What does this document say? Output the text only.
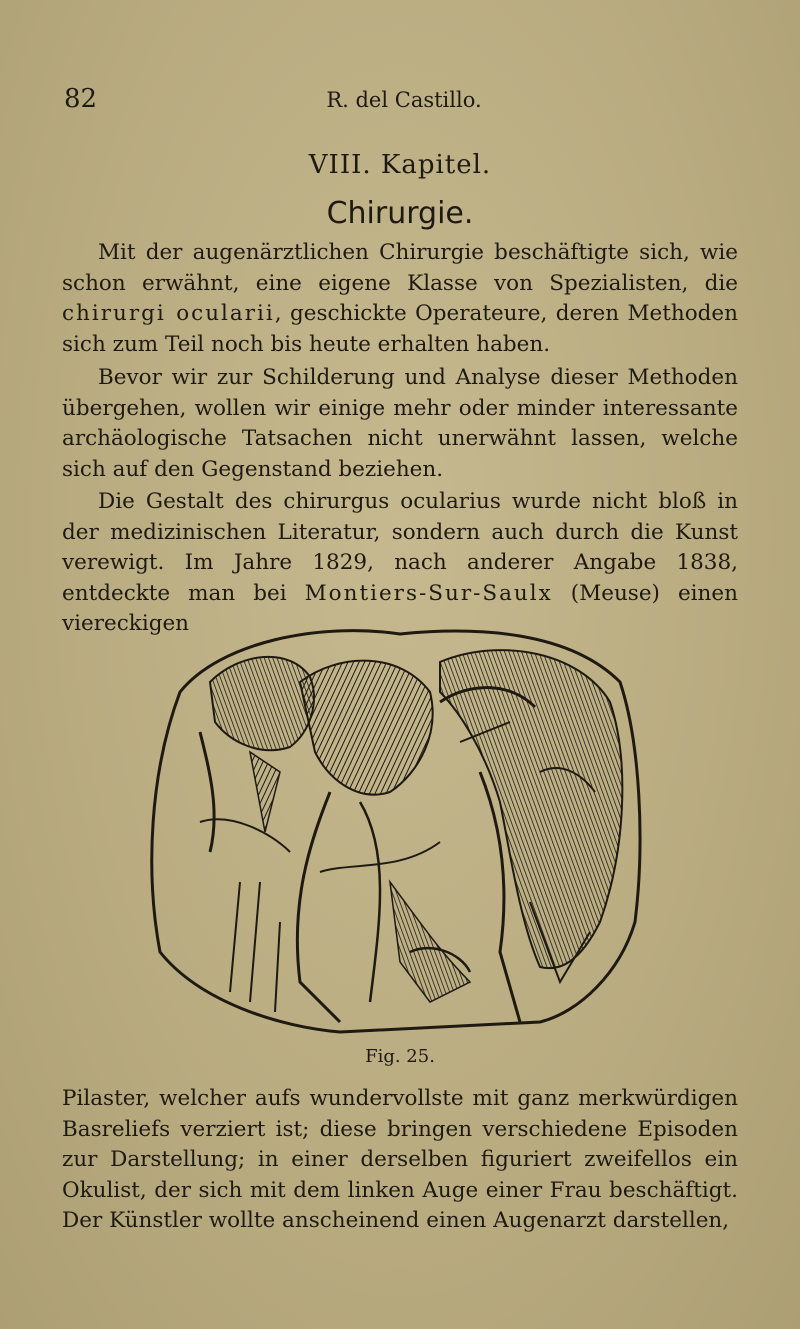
82	R. del Castillo.
VIII. Kapitel.
Chirurgie.

Mit der augenärztlichen Chirurgie beschäftigte sich, wie schon erwähnt, eine eigene Klasse von Spezialisten, die chirurgi ocularii, geschickte Operateure, deren Methoden sich zum Teil noch bis heute erhalten haben.

Bevor wir zur Schilderung und Analyse dieser Methoden übergehen, wollen wir einige mehr oder minder interessante archäologische Tatsachen nicht unerwähnt lassen, welche sich auf den Gegenstand beziehen.

Die Gestalt des chirurgus ocularius wurde nicht bloß in der medizinischen Literatur, sondern auch durch die Kunst verewigt. Im Jahre 1829, nach anderer Angabe 1838, entdeckte man bei Montiers-Sur-Saulx (Meuse) einen viereckigen

Fig. 25.

Pilaster, welcher aufs wundervollste mit ganz merkwürdigen Basreliefs verziert ist; diese bringen verschiedene Episoden zur Darstellung; in einer derselben figuriert zweifellos ein Okulist, der sich mit dem linken Auge einer Frau beschäftigt. Der Künstler wollte anscheinend einen Augenarzt darstellen,
